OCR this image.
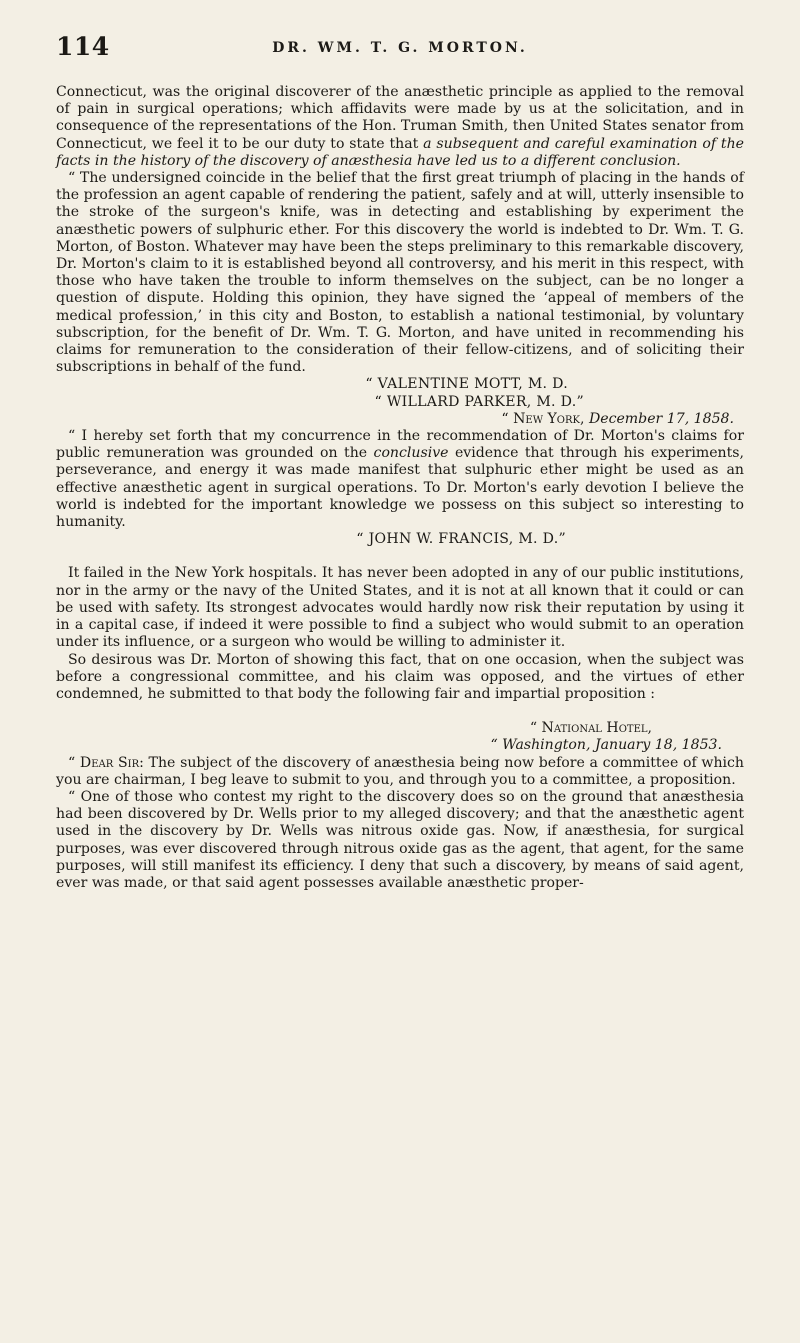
114	DR. WM. T. G. MORTON.

Connecticut, was the original discoverer of the anæsthetic principle as applied to the removal of pain in surgical operations; which affidavits were made by us at the solicitation, and in consequence of the representations of the Hon. Truman Smith, then United States senator from Connecticut, we feel it to be our duty to state that a subsequent and careful examination of the facts in the history of the discovery of anæsthesia have led us to a different conclusion.

“ The undersigned coincide in the belief that the first great triumph of placing in the hands of the profession an agent capable of rendering the patient, safely and at will, utterly insensible to the stroke of the surgeon's knife, was in detecting and establishing by experiment the anæsthetic powers of sulphuric ether. For this discovery the world is indebted to Dr. Wm. T. G. Morton, of Boston. Whatever may have been the steps preliminary to this remarkable discovery, Dr. Morton's claim to it is established beyond all controversy, and his merit in this respect, with those who have taken the trouble to inform themselves on the subject, can be no longer a question of dispute. Holding this opinion, they have signed the ‘appeal of members of the medical profession,’ in this city and Boston, to establish a national testimonial, by voluntary subscription, for the benefit of Dr. Wm. T. G. Morton, and have united in recommending his claims for remuneration to the consideration of their fellow-citizens, and of soliciting their subscriptions in behalf of the fund.

“ VALENTINE MOTT, M. D.
“ WILLARD PARKER, M. D.”
“ New York, December 17, 1858.

“ I hereby set forth that my concurrence in the recommendation of Dr. Morton's claims for public remuneration was grounded on the conclusive evidence that through his experiments, perseverance, and energy it was made manifest that sulphuric ether might be used as an effective anæsthetic agent in surgical operations. To Dr. Morton's early devotion I believe the world is indebted for the important knowledge we possess on this subject so interesting to humanity.

“ JOHN W. FRANCIS, M. D.”

It failed in the New York hospitals. It has never been adopted in any of our public institutions, nor in the army or the navy of the United States, and it is not at all known that it could or can be used with safety. Its strongest advocates would hardly now risk their reputation by using it in a capital case, if indeed it were possible to find a subject who would submit to an operation under its influence, or a surgeon who would be willing to administer it.

So desirous was Dr. Morton of showing this fact, that on one occasion, when the subject was before a congressional committee, and his claim was opposed, and the virtues of ether condemned, he submitted to that body the following fair and impartial proposition :

“ National Hotel,
“ Washington, January 18, 1853.

“ Dear Sir: The subject of the discovery of anæsthesia being now before a committee of which you are chairman, I beg leave to submit to you, and through you to a committee, a proposition.

“ One of those who contest my right to the discovery does so on the ground that anæsthesia had been discovered by Dr. Wells prior to my alleged discovery; and that the anæsthetic agent used in the discovery by Dr. Wells was nitrous oxide gas. Now, if anæsthesia, for surgical purposes, was ever discovered through nitrous oxide gas as the agent, that agent, for the same purposes, will still manifest its efficiency. I deny that such a discovery, by means of said agent, ever was made, or that said agent possesses available anæsthetic proper-
